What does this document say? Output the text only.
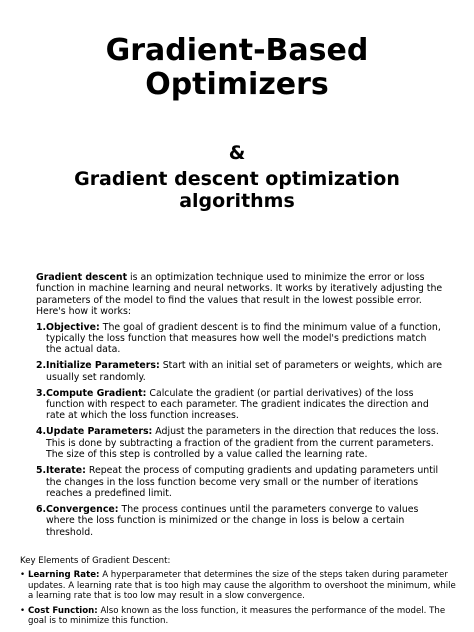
Gradient-Based
Optimizers
&
Gradient descent optimization
algorithms

Gradient descent is an optimization technique used to minimize the error or loss function in machine learning and neural networks. It works by iteratively adjusting the parameters of the model to find the values that result in the lowest possible error. Here's how it works:

1. Objective: The goal of gradient descent is to find the minimum value of a function, typically the loss function that measures how well the model's predictions match the actual data.
2. Initialize Parameters: Start with an initial set of parameters or weights, which are usually set randomly.
3. Compute Gradient: Calculate the gradient (or partial derivatives) of the loss function with respect to each parameter. The gradient indicates the direction and rate at which the loss function increases.
4. Update Parameters: Adjust the parameters in the direction that reduces the loss. This is done by subtracting a fraction of the gradient from the current parameters. The size of this step is controlled by a value called the learning rate.
5. Iterate: Repeat the process of computing gradients and updating parameters until the changes in the loss function become very small or the number of iterations reaches a predefined limit.
6. Convergence: The process continues until the parameters converge to values where the loss function is minimized or the change in loss is below a certain threshold.

Key Elements of Gradient Descent:

• Learning Rate: A hyperparameter that determines the size of the steps taken during parameter updates. A learning rate that is too high may cause the algorithm to overshoot the minimum, while a learning rate that is too low may result in a slow convergence.
• Cost Function: Also known as the loss function, it measures the performance of the model. The goal is to minimize this function.
